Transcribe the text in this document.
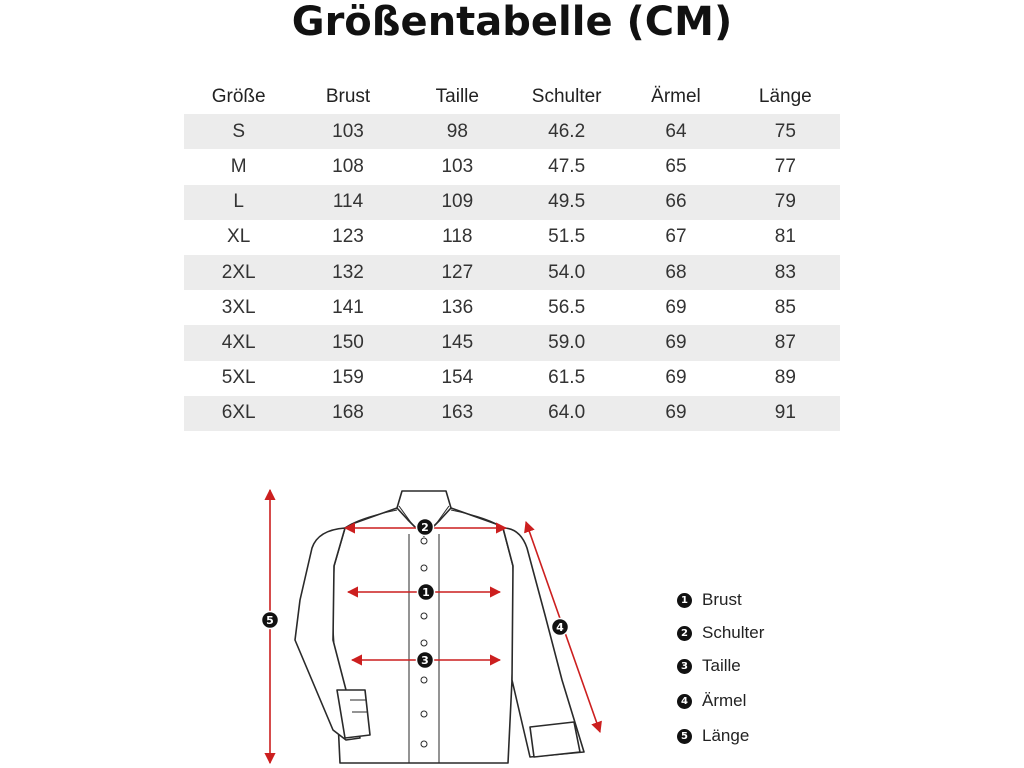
Größentabelle (CM)
Größe	Brust	Taille	Schulter	Ärmel	Länge
S	103	98	46.2	64	75
M	108	103	47.5	65	77
L	114	109	49.5	66	79
XL	123	118	51.5	67	81
2XL	132	127	54.0	68	83
3XL	141	136	56.5	69	85
4XL	150	145	59.0	69	87
5XL	159	154	61.5	69	89
6XL	168	163	64.0	69	91
2
1
3
4
5
1 Brust
2 Schulter
3 Taille
4 Ärmel
5 Länge
